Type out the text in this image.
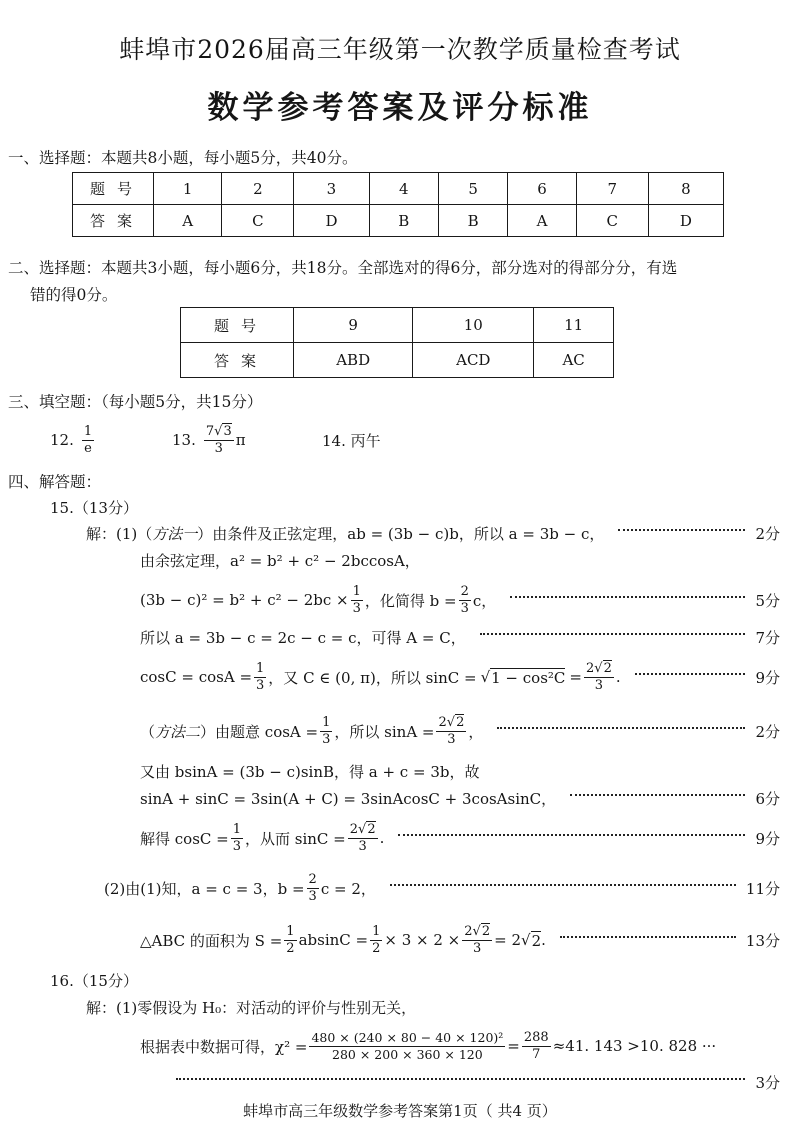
蚌埠市2026届高三年级第一次教学质量检查考试
数学参考答案及评分标准
一、选择题：本题共8小题，每小题5分，共40分。
题号	1	2	3	4	5	6	7	8
答案	A	C	D	B	B	A	C	D
二、选择题：本题共3小题，每小题6分，共18分。全部选对的得6分，部分选对的得部分分，有选
错的得0分。
题号	9	10	11
答案	ABD	ACD	AC
三、填空题：（每小题5分，共15分）
12. $\frac{1}{e}$	13. $\frac{7√3}{3}$ π	14. 丙午
四、解答题：
15.（13分）
解：(1)（ 方法一 ）由条件及正弦定理，ab = (3b − c)b，所以 a = 3b − c，	2分
由余弦定理，a² = b² + c² − 2bccosA，
$(3b - c)^2 = b^2 + c^2 - 2bc \times \frac{1}{3}$ ，化简得 $b = \frac{2}{3}$ c，	5分
所以 a = 3b − c = 2c − c = c，可得 A = C，	7分
$\cos C = \cos A = \frac{1}{3}$ ，又 C ∈ (0, π)，所以 sinC = √ $1 - \cos^2C = \frac{2√2}{3}$ .	9分
（ 方法二 ）由题意 $\cos A = \frac{1}{3}$ ，所以 $\sin A = \frac{2√2}{3}$ ，	2分
又由 bsinA = (3b − c)sinB，得 a + c = 3b，故
sinA + sinC = 3sin(A + C) = 3sinAcosC + 3cosAsinC，	6分
解得 $\cos C = \frac{1}{3}$ ，从而 $\sin C = \frac{2√2}{3}$ .	9分
(2)由(1)知，a = c = 3，$b = \frac{2}{3}$ c = 2，	11分
△ABC 的面积为 $S = \frac{1}{2}$ $absinC = \frac{1}{2} \times 3 \times 2 \times \frac{2√2}{3} = 2$ √ 2 .	13分
16.（15分）
解：(1)零假设为 H₀：对活动的评价与性别无关，
根据表中数据可得，$\chi^2 = \frac{\text{480 × (240 × 80 − 40 × 120)²}}{280 \times 200 \times 360 \times 120} = \frac{288}{7} \approx 41$. 143 >10. 828 ···
3分
蚌埠市高三年级数学参考答案第1页（ 共4 页）
